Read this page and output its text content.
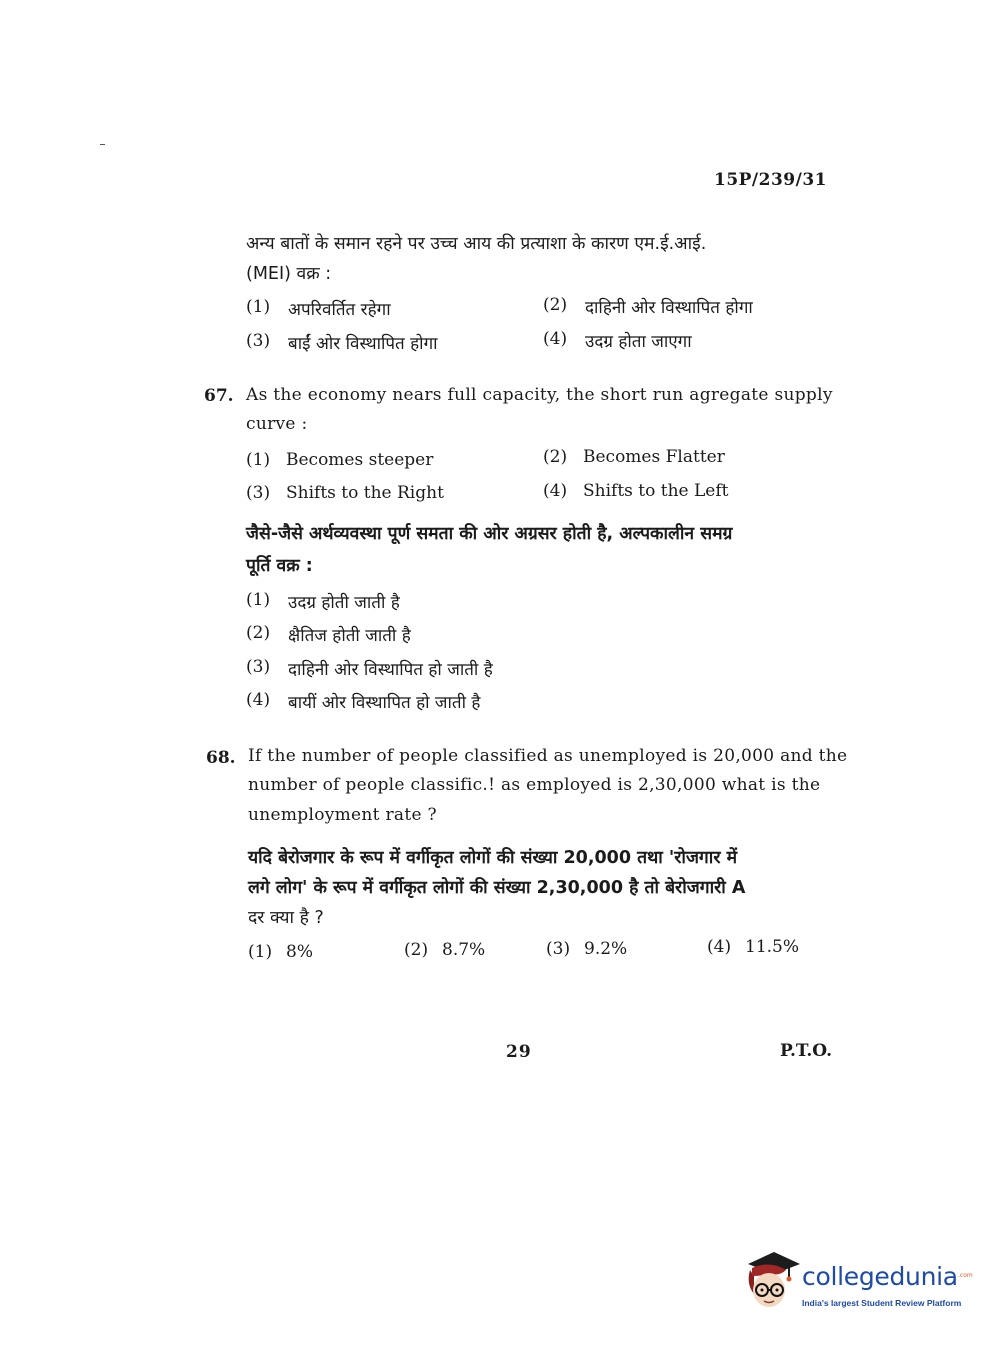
15P/239/31
अन्य बातों के समान रहने पर उच्च आय की प्रत्याशा के कारण एम.ई.आई.
(MEI) वक्र :
(1) अपरिवर्तित रहेगा	(2) दाहिनी ओर विस्थापित होगा
(3) बाईं ओर विस्थापित होगा	(4) उदग्र होता जाएगा
67. As the economy nears full capacity, the short run agregate supply
curve :
(1) Becomes steeper	(2) Becomes Flatter
(3) Shifts to the Right	(4) Shifts to the Left
जैसे-जैसे अर्थव्यवस्था पूर्ण समता की ओर अग्रसर होती है, अल्पकालीन समग्र
पूर्ति वक्र :
(1) उदग्र होती जाती है
(2) क्षैतिज होती जाती है
(3) दाहिनी ओर विस्थापित हो जाती है
(4) बायीं ओर विस्थापित हो जाती है
68. If the number of people classified as unemployed is 20,000 and the
number of people classific.! as employed is 2,30,000 what is the
unemployment rate ?
यदि बेरोजगार के रूप में वर्गीकृत लोगों की संख्या 20,000 तथा 'रोजगार में
लगे लोग' के रूप में वर्गीकृत लोगों की संख्या 2,30,000 है तो बेरोजगारी A
दर क्या है ?
(1) 8%	(2) 8.7%	(3) 9.2%	(4) 11.5%
29	P.T.O.
collegedunia .com
India's largest Student Review Platform
